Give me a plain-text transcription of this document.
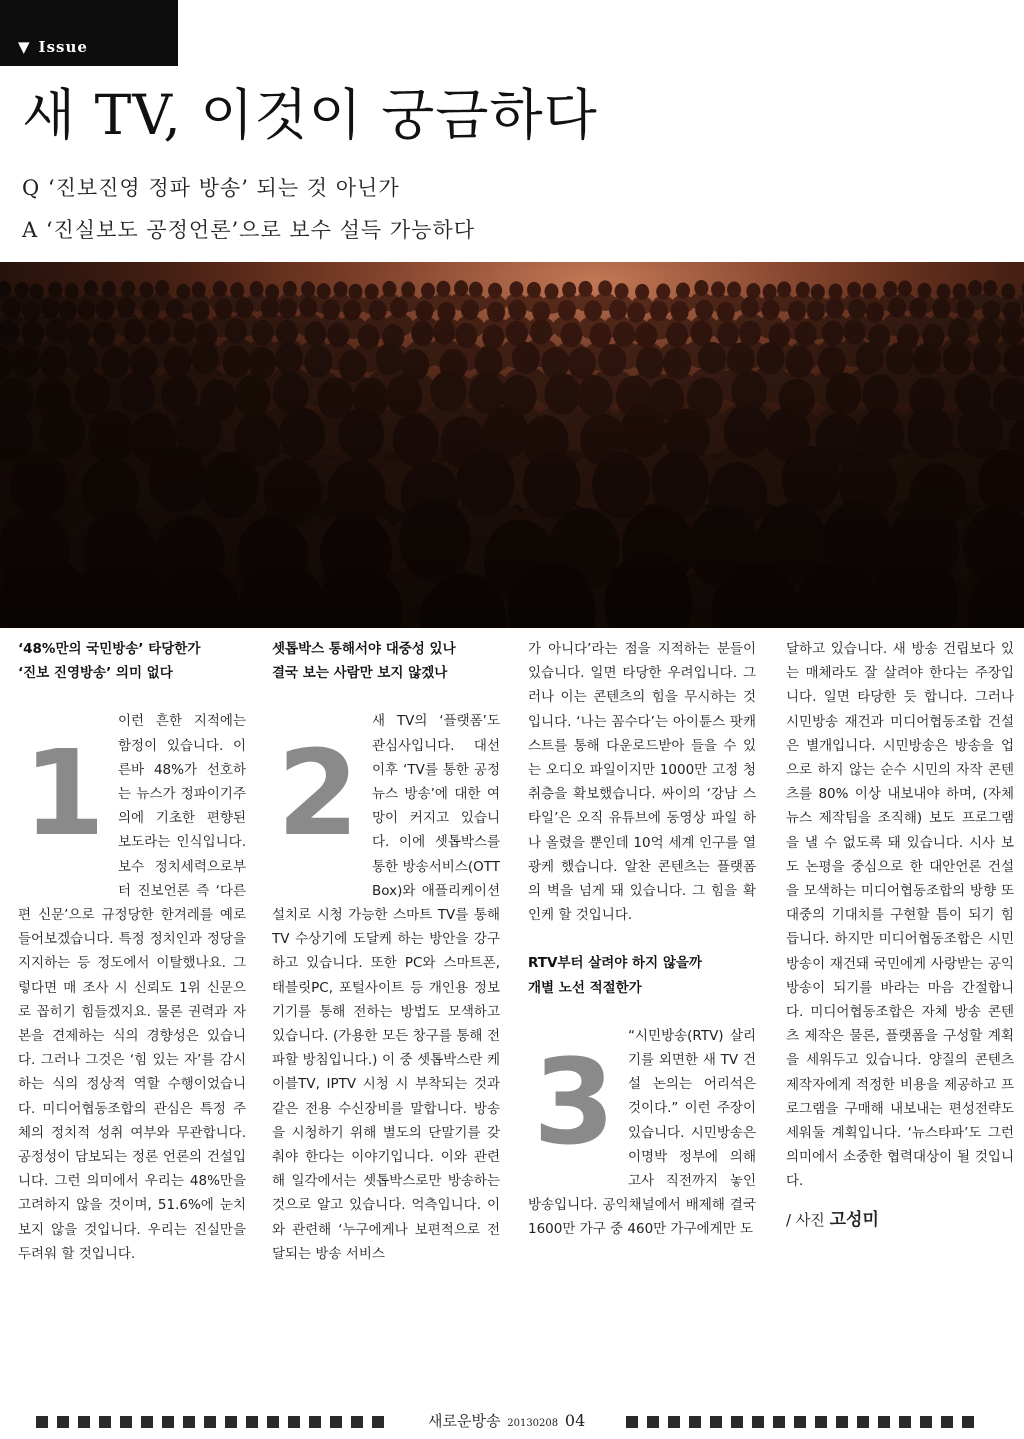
▼ Issue
새 TV, 이것이 궁금하다
Q ‘진보진영 정파 방송’ 되는 것 아닌가
A ‘진실보도 공정언론’으로 보수 설득 가능하다
‘48%만의 국민방송’ 타당한가
‘진보 진영방송’ 의미 없다
1

이런 흔한 지적에는 함정이 있습니다. 이른바 48%가 선호하는 뉴스가 정파이기주의에 기초한 편향된 보도라는 인식입니다. 보수 정치세력으로부터 진보언론 즉 ‘다른 편 신문’으로 규정당한 한겨레를 예로 들어보겠습니다. 특정 정치인과 정당을 지지하는 등 정도에서 이탈했나요. 그렇다면 매 조사 시 신뢰도 1위 신문으로 꼽히기 힘들겠지요. 물론 권력과 자본을 견제하는 식의 경향성은 있습니다. 그러나 그것은 ‘힘 있는 자’를 감시하는 식의 정상적 역할 수행이었습니다. 미디어협동조합의 관심은 특정 주체의 정치적 성취 여부와 무관합니다. 공정성이 담보되는 정론 언론의 건설입니다. 그런 의미에서 우리는 48%만을 고려하지 않을 것이며, 51.6%에 눈치 보지 않을 것입니다. 우리는 진실만을 두려워 할 것입니다.

셋톱박스 통해서야 대중성 있나
결국 보는 사람만 보지 않겠나
2

새 TV의 ‘플랫폼’도 관심사입니다. 대선 이후 ‘TV를 통한 공정뉴스 방송’에 대한 여망이 커지고 있습니다. 이에 셋톱박스를 통한 방송서비스(OTT Box)와 애플리케이션 설치로 시청 가능한 스마트 TV를 통해 TV 수상기에 도달케 하는 방안을 강구하고 있습니다. 또한 PC와 스마트폰, 태블릿PC, 포털사이트 등 개인용 정보 기기를 통해 전하는 방법도 모색하고 있습니다. (가용한 모든 창구를 통해 전파할 방침입니다.) 이 중 셋톱박스란 케이블TV, IPTV 시청 시 부착되는 것과 같은 전용 수신장비를 말합니다. 방송을 시청하기 위해 별도의 단말기를 갖춰야 한다는 이야기입니다. 이와 관련해 일각에서는 셋톱박스로만 방송하는 것으로 알고 있습니다. 억측입니다. 이와 관련해 ‘누구에게나 보편적으로 전달되는 방송 서비스

가 아니다’라는 점을 지적하는 분들이 있습니다. 일면 타당한 우려입니다. 그러나 이는 콘텐츠의 힘을 무시하는 것입니다. ‘나는 꼼수다’는 아이튠스 팟캐스트를 통해 다운로드받아 들을 수 있는 오디오 파일이지만 1000만 고정 청취층을 확보했습니다. 싸이의 ‘강남 스타일’은 오직 유튜브에 동영상 파일 하나 올렸을 뿐인데 10억 세계 인구를 열광케 했습니다. 알찬 콘텐츠는 플랫폼의 벽을 넘게 돼 있습니다. 그 힘을 확인케 할 것입니다.

RTV부터 살려야 하지 않을까
개별 노선 적절한가
3 “시민방송(RTV) 살리기를 외면한 새 TV 건설 논의는 어리석은 것이다.” 이런 주장이 있습니다. 시민방송은 이명박 정부에 의해 고사 직전까지 놓인 방송입니다. 공익채널에서 배제해 결국 1600만 가구 중 460만 가구에게만 도

달하고 있습니다. 새 방송 건립보다 있는 매체라도 잘 살려야 한다는 주장입니다. 일면 타당한 듯 합니다. 그러나 시민방송 재건과 미디어협동조합 건설은 별개입니다. 시민방송은 방송을 업으로 하지 않는 순수 시민의 자작 콘텐츠를 80% 이상 내보내야 하며, (자체 뉴스 제작팀을 조직해) 보도 프로그램을 낼 수 없도록 돼 있습니다. 시사 보도 논평을 중심으로 한 대안언론 건설을 모색하는 미디어협동조합의 방향 또 대중의 기대치를 구현할 틈이 되기 힘듭니다. 하지만 미디어협동조합은 시민방송이 재건돼 국민에게 사랑받는 공익방송이 되기를 바라는 마음 간절합니다. 미디어협동조합은 자체 방송 콘텐츠 제작은 물론, 플랫폼을 구성할 계획을 세워두고 있습니다. 양질의 콘텐츠 제작자에게 적정한 비용을 제공하고 프로그램을 구매해 내보내는 편성전략도 세워둘 계획입니다. ‘뉴스타파’도 그런 의미에서 소중한 협력대상이 될 것입니다.

/ 사진 고성미
새로운방송 20130208 04
